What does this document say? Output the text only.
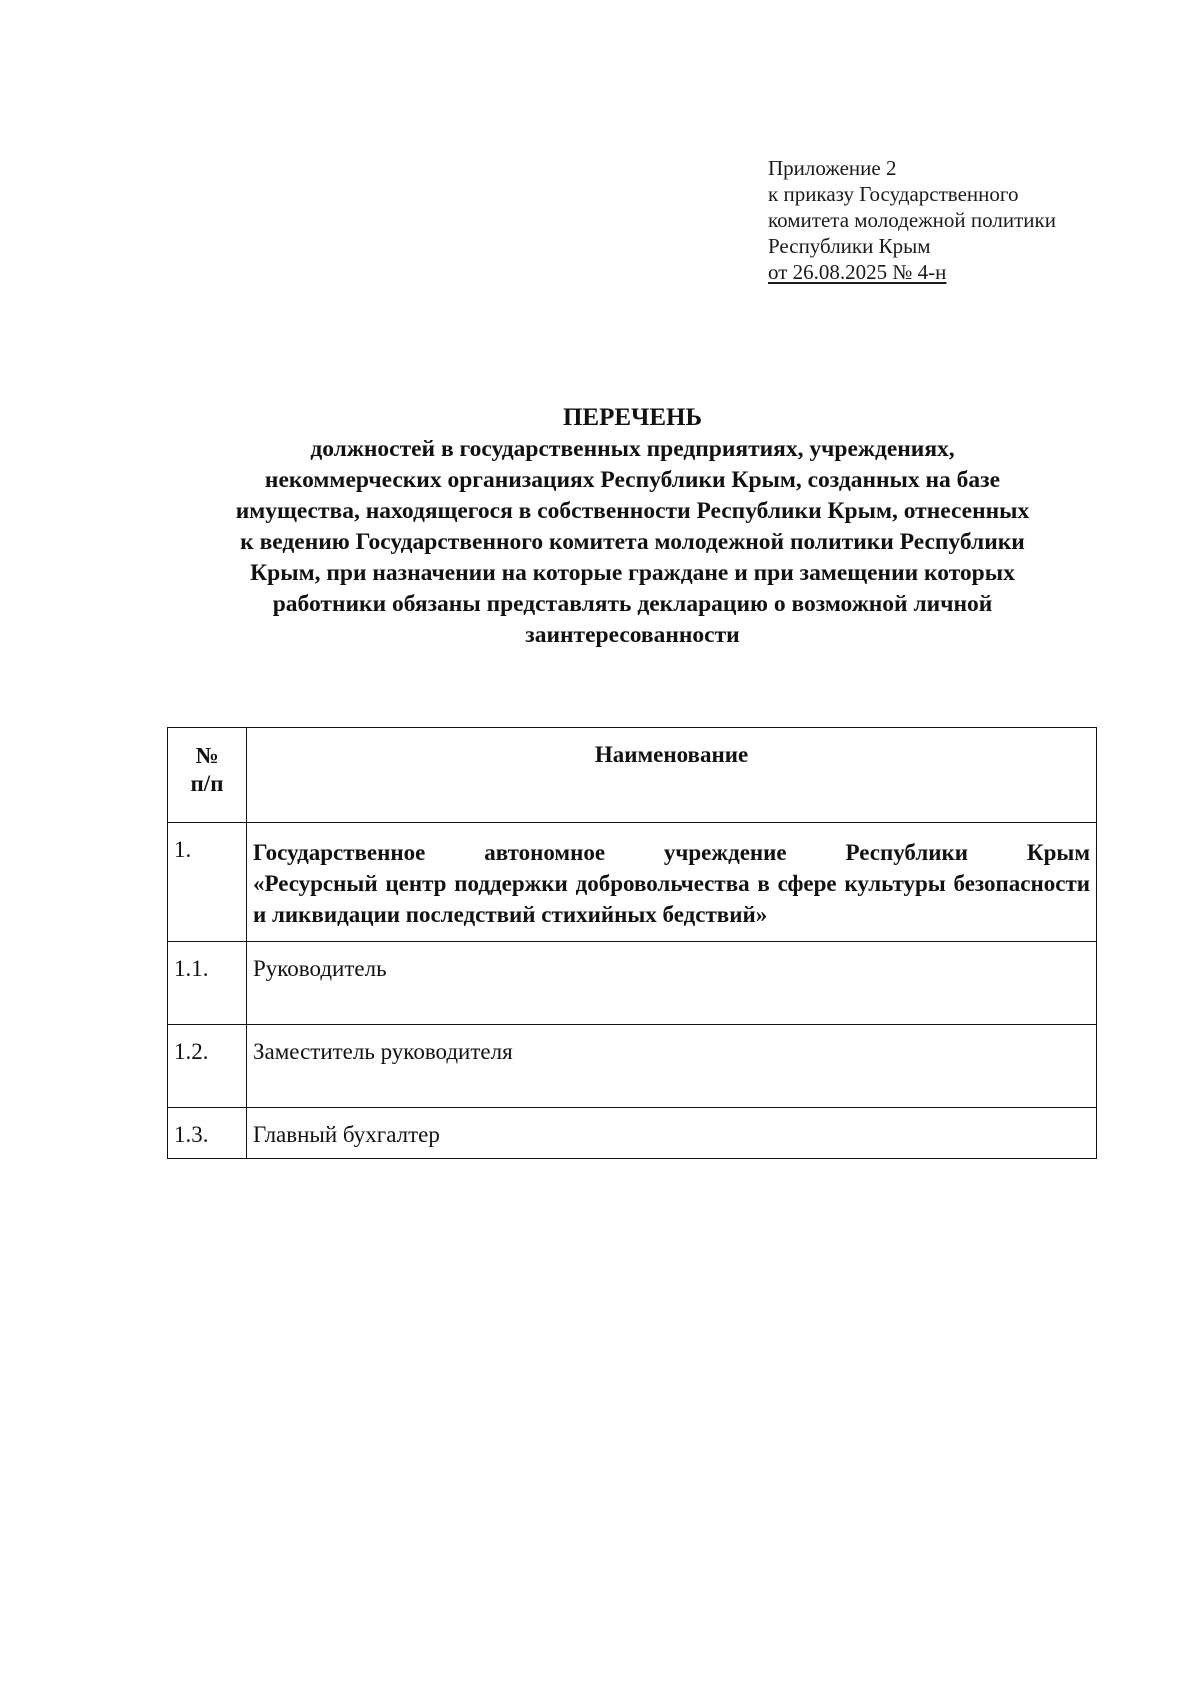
Приложение 2
к приказу Государственного
комитета молодежной политики
Республики Крым
от 26.08.2025 № 4-н
ПЕРЕЧЕНЬ
должностей в государственных предприятиях, учреждениях,
некоммерческих организациях Республики Крым, созданных на базе
имущества, находящегося в собственности Республики Крым, отнесенных
к ведению Государственного комитета молодежной политики Республики
Крым, при назначении на которые граждане и при замещении которых
работники обязаны представлять декларацию о возможной личной
заинтересованности
№
п/п	Наименование
1.	Государственное автономное учреждение Республики Крым
«Ресурсный центр поддержки добровольчества в сфере культуры безопасности и ликвидации последствий стихийных бедствий»
1.1.	Руководитель
1.2.	Заместитель руководителя
1.3.	Главный бухгалтер
